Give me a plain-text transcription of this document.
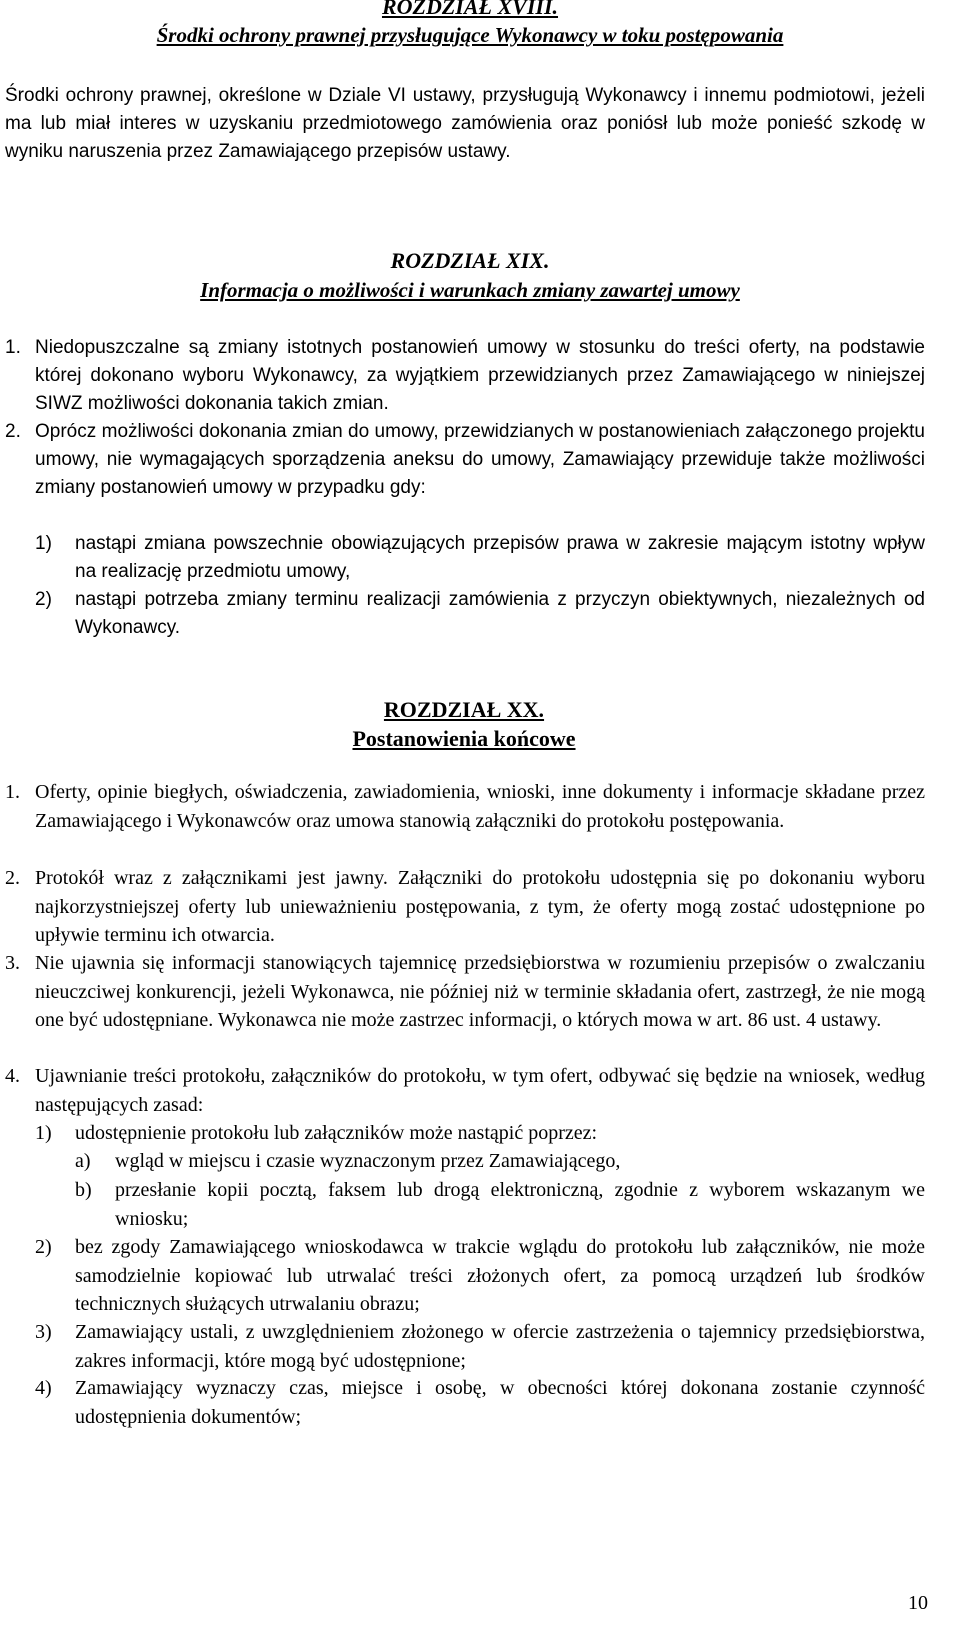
ROZDZIAŁ XVIII.
Środki ochrony prawnej przysługujące Wykonawcy w toku postępowania
Środki ochrony prawnej, określone w Dziale VI ustawy, przysługują Wykonawcy i innemu podmiotowi, jeżeli ma lub miał interes w uzyskaniu przedmiotowego zamówienia oraz poniósł lub może ponieść szkodę w wyniku naruszenia przez Zamawiającego przepisów ustawy.
ROZDZIAŁ XIX.
Informacja o możliwości i warunkach zmiany zawartej umowy
1. Niedopuszczalne są zmiany istotnych postanowień umowy w stosunku do treści oferty, na podstawie której dokonano wyboru Wykonawcy, za wyjątkiem przewidzianych przez Zamawiającego w niniejszej SIWZ możliwości dokonania takich zmian.
2. Oprócz możliwości dokonania zmian do umowy, przewidzianych w postanowieniach załączonego projektu umowy, nie wymagających sporządzenia aneksu do umowy, Zamawiający przewiduje także możliwości zmiany postanowień umowy w przypadku gdy:
1) nastąpi zmiana powszechnie obowiązujących przepisów prawa w zakresie mającym istotny wpływ na realizację przedmiotu umowy,
2) nastąpi potrzeba zmiany terminu realizacji zamówienia z przyczyn obiektywnych, niezależnych od Wykonawcy.
ROZDZIAŁ XX.
Postanowienia końcowe
1. Oferty, opinie biegłych, oświadczenia, zawiadomienia, wnioski, inne dokumenty i informacje składane przez Zamawiającego i Wykonawców oraz umowa stanowią załączniki do protokołu postępowania.
2. Protokół wraz z załącznikami jest jawny. Załączniki do protokołu udostępnia się po dokonaniu wyboru najkorzystniejszej oferty lub unieważnieniu postępowania, z tym, że oferty mogą zostać udostępnione po upływie terminu ich otwarcia.
3. Nie ujawnia się informacji stanowiących tajemnicę przedsiębiorstwa w rozumieniu przepisów o zwalczaniu nieuczciwej konkurencji, jeżeli Wykonawca, nie później niż w terminie składania ofert, zastrzegł, że nie mogą one być udostępniane. Wykonawca nie może zastrzec informacji, o których mowa w art. 86 ust. 4 ustawy.
4. Ujawnianie treści protokołu, załączników do protokołu, w tym ofert, odbywać się będzie na wniosek, według następujących zasad:
1) udostępnienie protokołu lub załączników może nastąpić poprzez:
a) wgląd w miejscu i czasie wyznaczonym przez Zamawiającego,
b) przesłanie kopii pocztą, faksem lub drogą elektroniczną, zgodnie z wyborem wskazanym we wniosku;
2) bez zgody Zamawiającego wnioskodawca w trakcie wglądu do protokołu lub załączników, nie może samodzielnie kopiować lub utrwalać treści złożonych ofert, za pomocą urządzeń lub środków technicznych służących utrwalaniu obrazu;
3) Zamawiający ustali, z uwzględnieniem złożonego w ofercie zastrzeżenia o tajemnicy przedsiębiorstwa, zakres informacji, które mogą być udostępnione;
4) Zamawiający wyznaczy czas, miejsce i osobę, w obecności której dokonana zostanie czynność udostępnienia dokumentów;
10
